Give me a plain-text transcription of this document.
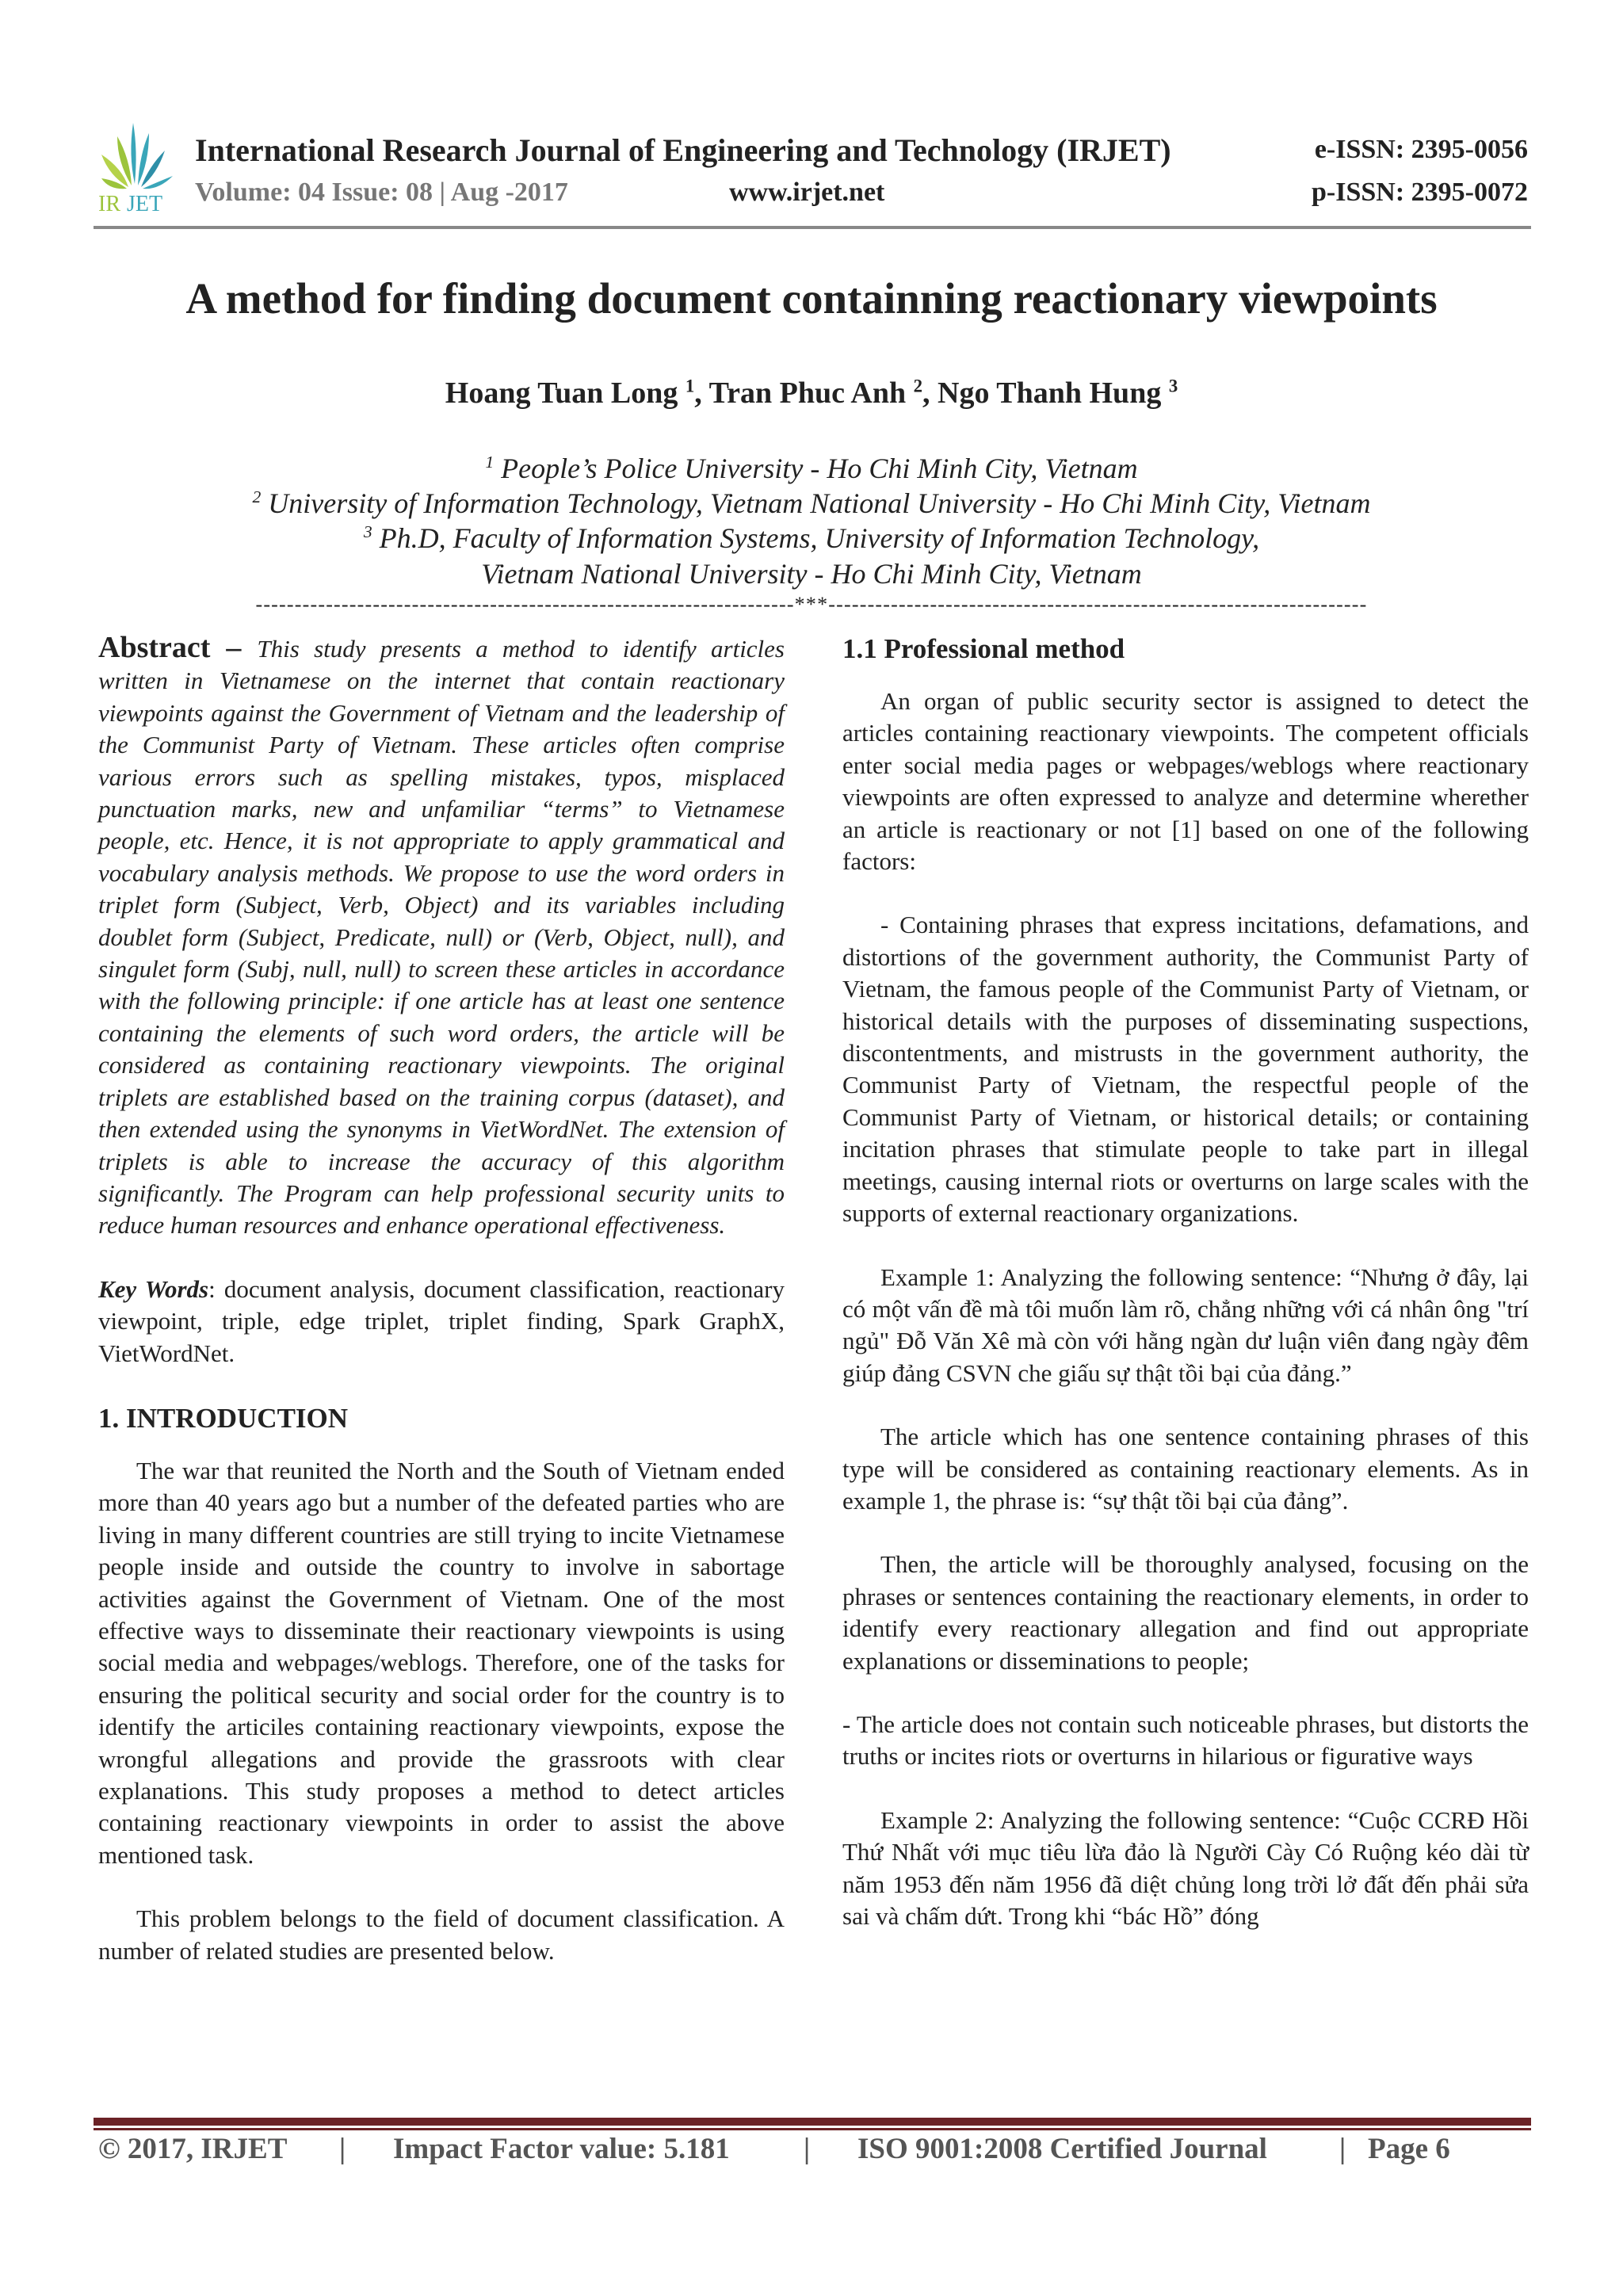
IR JET
International Research Journal of Engineering and Technology (IRJET)
Volume: 04 Issue: 08 | Aug -2017	www.irjet.net
e-ISSN: 2395-0056
p-ISSN: 2395-0072
A method for finding document containning reactionary viewpoints
Hoang Tuan Long $^1$, Tran Phuc Anh $^2$, Ngo Thanh Hung $^3$
$^1$ People’s Police University - Ho Chi Minh City, Vietnam
$^2$ University of Information Technology, Vietnam National University - Ho Chi Minh City, Vietnam
$^3$ Ph.D, Faculty of Information Systems, University of Information Technology,
Vietnam National University - Ho Chi Minh City, Vietnam
---------------------------------------------------------------------***---------------------------------------------------------------------

Abstract – This study presents a method to identify articles written in Vietnamese on the internet that contain reactionary viewpoints against the Government of Vietnam and the leadership of the Communist Party of Vietnam. These articles often comprise various errors such as spelling mistakes, typos, misplaced punctuation marks, new and unfamiliar “terms” to Vietnamese people, etc. Hence, it is not appropriate to apply grammatical and vocabulary analysis methods. We propose to use the word orders in triplet form (Subject, Verb, Object) and its variables including doublet form (Subject, Predicate, null) or (Verb, Object, null), and singulet form (Subj, null, null) to screen these articles in accordance with the following principle: if one article has at least one sentence containing the elements of such word orders, the article will be considered as containing reactionary viewpoints. The original triplets are established based on the training corpus (dataset), and then extended using the synonyms in VietWordNet. The extension of triplets is able to increase the accuracy of this algorithm significantly. The Program can help professional security units to reduce human resources and enhance operational effectiveness.

Key Words: document analysis, document classification, reactionary viewpoint, triple, edge triplet, triplet finding, Spark GraphX, VietWordNet.

1. INTRODUCTION

The war that reunited the North and the South of Vietnam ended more than 40 years ago but a number of the defeated parties who are living in many different countries are still trying to incite Vietnamese people inside and outside the country to involve in sabortage activities against the Government of Vietnam. One of the most effective ways to disseminate their reactionary viewpoints is using social media and webpages/weblogs. Therefore, one of the tasks for ensuring the political security and social order for the country is to identify the articiles containing reactionary viewpoints, expose the wrongful allegations and provide the grassroots with clear explanations. This study proposes a method to detect articles containing reactionary viewpoints in order to assist the above mentioned task.

This problem belongs to the field of document classification. A number of related studies are presented below.

1.1 Professional method

An organ of public security sector is assigned to detect the articles containing reactionary viewpoints. The competent officials enter social media pages or webpages/weblogs where reactionary viewpoints are often expressed to analyze and determine wherether an article is reactionary or not [1] based on one of the following factors:

- Containing phrases that express incitations, defamations, and distortions of the government authority, the Communist Party of Vietnam, the famous people of the Communist Party of Vietnam, or historical details with the purposes of disseminating suspections, discontentments, and mistrusts in the government authority, the Communist Party of Vietnam, the respectful people of the Communist Party of Vietnam, or historical details; or containing incitation phrases that stimulate people to take part in illegal meetings, causing internal riots or overturns on large scales with the supports of external reactionary organizations.

Example 1: Analyzing the following sentence: “Nhưng ở đây, lại có một vấn đề mà tôi muốn làm rõ, chẳng những với cá nhân ông "trí ngủ" Đỗ Văn Xê mà còn với hằng ngàn dư luận viên đang ngày đêm giúp đảng CSVN che giấu sự thật tồi bại của đảng.”

The article which has one sentence containing phrases of this type will be considered as containing reactionary elements. As in example 1, the phrase is: “sự thật tồi bại của đảng”.

Then, the article will be thoroughly analysed, focusing on the phrases or sentences containing the reactionary elements, in order to identify every reactionary allegation and find out appropriate explanations or disseminations to people;

- The article does not contain such noticeable phrases, but distorts the truths or incites riots or overturns in hilarious or figurative ways

Example 2: Analyzing the following sentence: “Cuộc CCRĐ Hồi Thứ Nhất với mục tiêu lừa đảo là Người Cày Có Ruộng kéo dài từ năm 1953 đến năm 1956 đã diệt chủng long trời lở đất đến phải sửa sai và chấm dứt. Trong khi “bác Hồ” đóng

© 2017, IRJET | Impact Factor value: 5.181	| ISO 9001:2008 Certified Journal | Page 6
